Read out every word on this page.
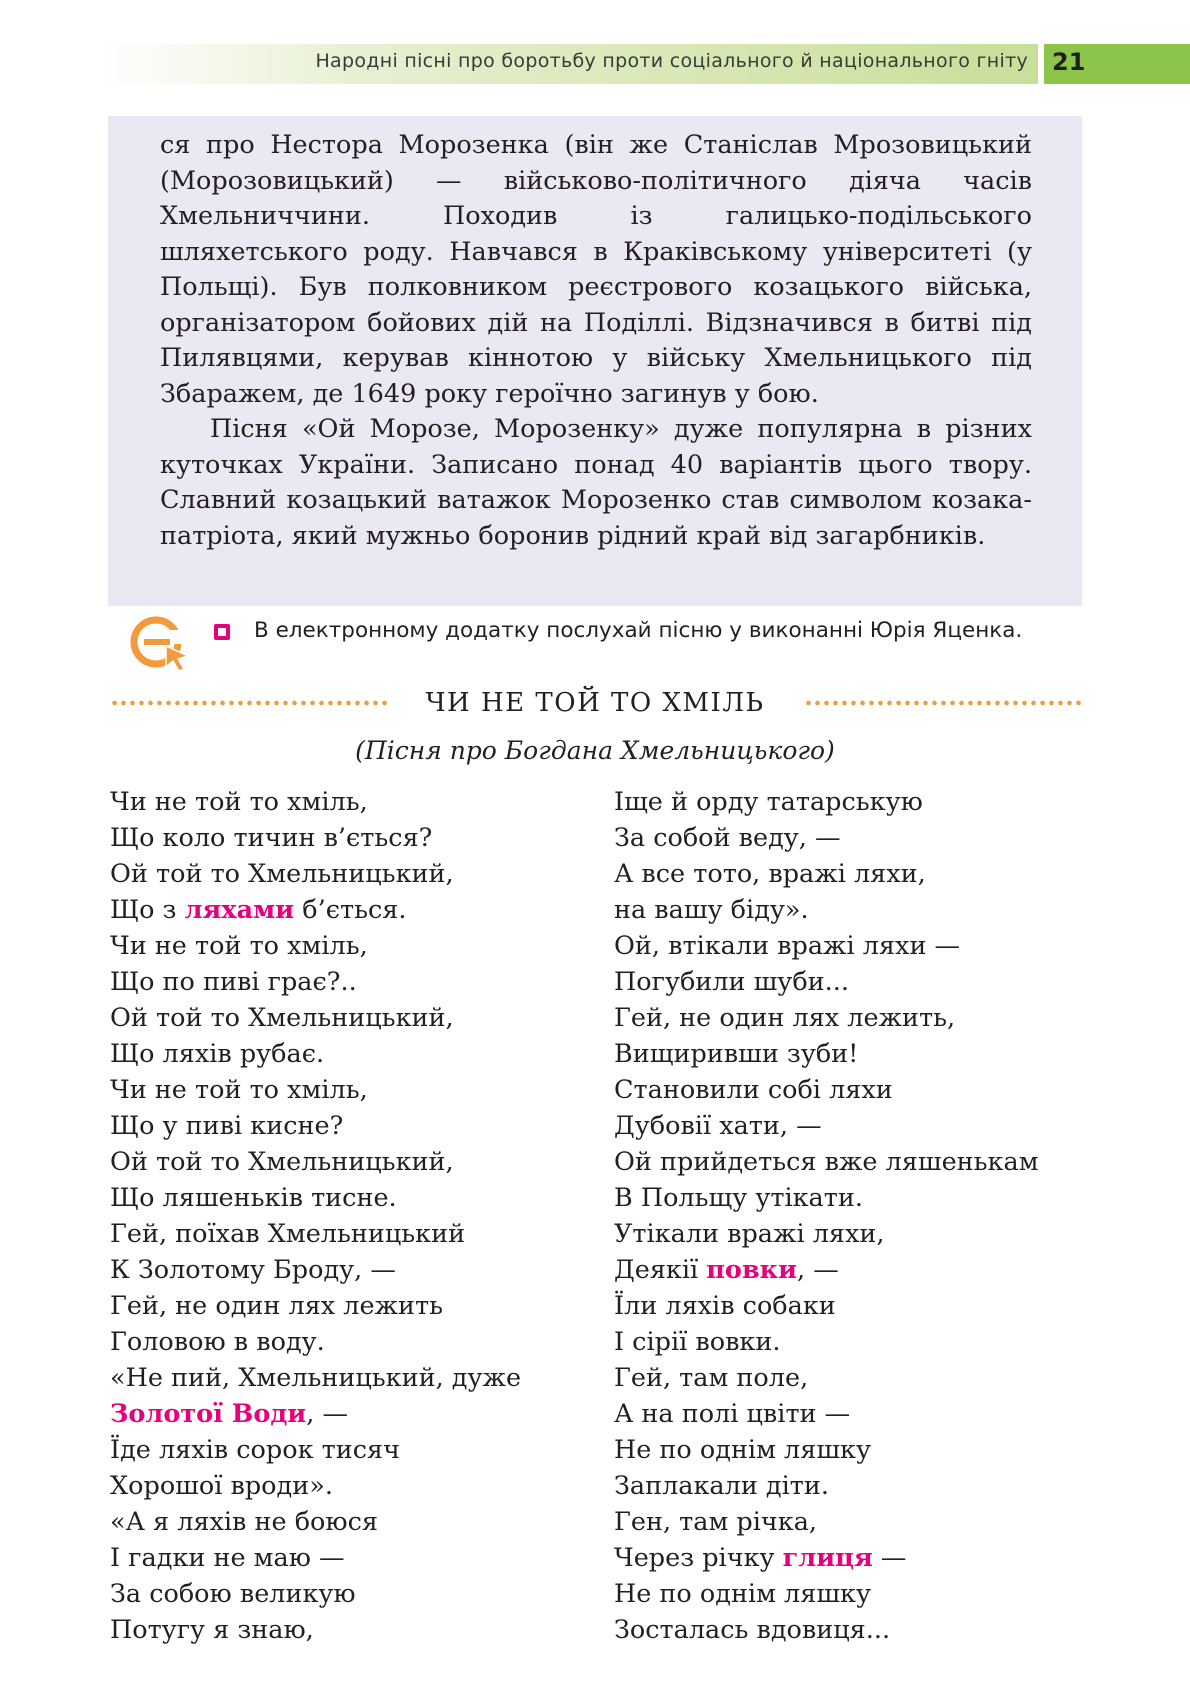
Народні пісні про боротьбу проти соціального й національного гніту 21

ся про Нестора Морозенка (він же Станіслав Мрозовицький (Морозовицький) — військово-політичного діяча часів Хмельниччини. Походив із галицько-подільського шляхетського роду. Навчався в Краківському університеті (у Польщі). Був полковником реєстрового козацького війська, організатором бойових дій на Поділлі. Відзначився в битві під Пилявцями, керував кіннотою у війську Хмельницького під Збаражем, де 1649 року героїчно загинув у бою.

Пісня «Ой Морозе, Морозенку» дуже популярна в різних куточках України. Записано понад 40 варіантів цього твору. Славний козацький ватажок Морозенко став символом козака-патріота, який мужньо боронив рідний край від загарбників.

В електронному додатку послухай пісню у виконанні Юрія Яценка.
ЧИ НЕ ТОЙ ТО ХМІЛЬ
(Пісня про Богдана Хмельницького)
Чи не той то хміль,
Що коло тичин в’ється?
Ой той то Хмельницький,
Що з ляхами б’ється.
Чи не той то хміль,
Що по пиві грає?..
Ой той то Хмельницький,
Що ляхів рубає.
Чи не той то хміль,
Що у пиві кисне?
Ой той то Хмельницький,
Що ляшеньків тисне.
Гей, поїхав Хмельницький
К Золотому Броду, —
Гей, не один лях лежить
Головою в воду.
«Не пий, Хмельницький, дуже
Золотої Води, —
Їде ляхів сорок тисяч
Хорошої вроди».
«А я ляхів не боюся
І гадки не маю —
За собою великую
Потугу я знаю,
Іще й орду татарськую
За собой веду, —
А все тото, вражі ляхи,
на вашу біду».
Ой, втікали вражі ляхи —
Погубили шуби...
Гей, не один лях лежить,
Вищиривши зуби!
Становили собі ляхи
Дубовії хати, —
Ой прийдеться вже ляшенькам
В Польщу утікати.
Утікали вражі ляхи,
Деякії повки, —
Їли ляхів собаки
І сірії вовки.
Гей, там поле,
А на полі цвіти —
Не по однім ляшку
Заплакали діти.
Ген, там річка,
Через річку глиця —
Не по однім ляшку
Зосталась вдовиця...
